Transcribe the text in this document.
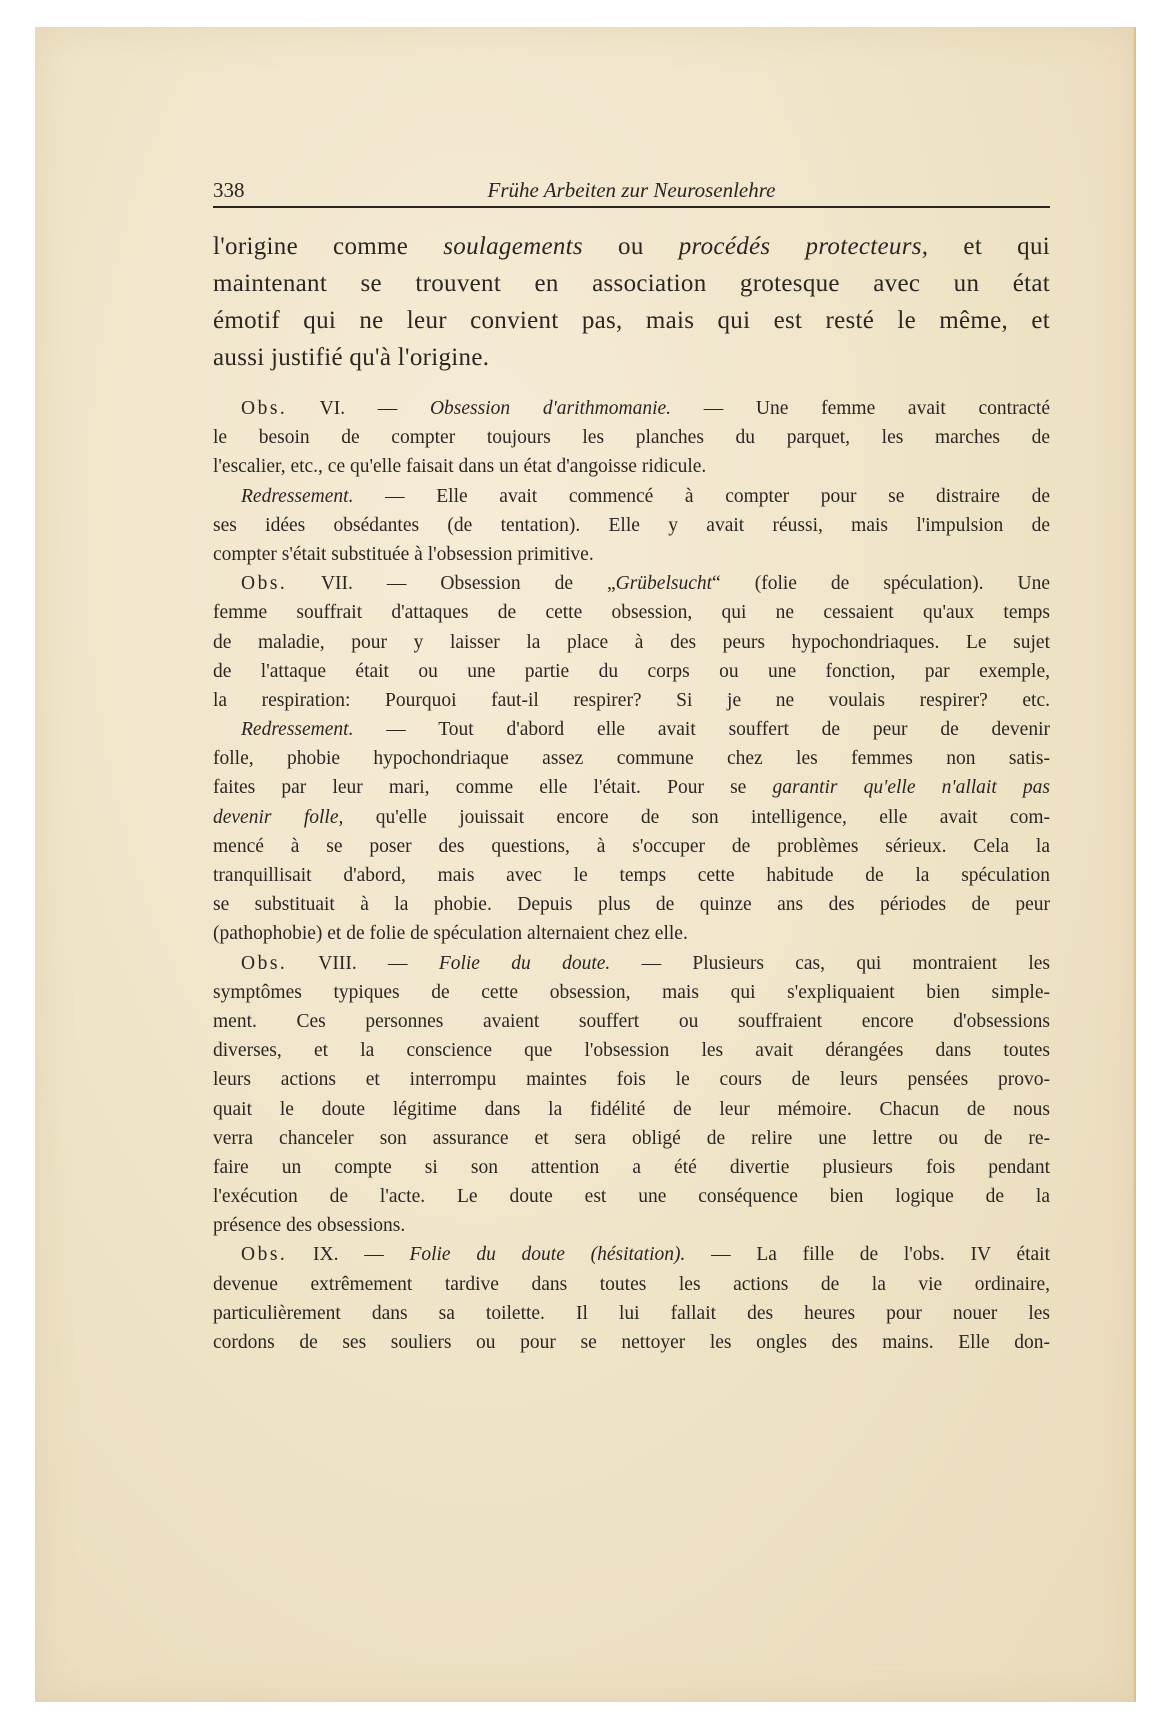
338	Frühe Arbeiten zur Neurosenlehre
l'origine comme soulagements ou procédés protecteurs, et qui
maintenant se trouvent en association grotesque avec un état
émotif qui ne leur convient pas, mais qui est resté le même, et
aussi justifié qu'à l'origine.
Obs. VI. — Obsession d'arithmomanie. — Une femme avait contracté
le besoin de compter toujours les planches du parquet, les marches de
l'escalier, etc., ce qu'elle faisait dans un état d'angoisse ridicule.
Redressement. — Elle avait commencé à compter pour se distraire de
ses idées obsédantes (de tentation). Elle y avait réussi, mais l'impulsion de
compter s'était substituée à l'obsession primitive.
Obs. VII. — Obsession de „Grübelsucht“ (folie de spéculation). Une
femme souffrait d'attaques de cette obsession, qui ne cessaient qu'aux temps
de maladie, pour y laisser la place à des peurs hypochondriaques. Le sujet
de l'attaque était ou une partie du corps ou une fonction, par exemple,
la respiration: Pourquoi faut-il respirer? Si je ne voulais respirer? etc.
Redressement. — Tout d'abord elle avait souffert de peur de devenir
folle, phobie hypochondriaque assez commune chez les femmes non satis-
faites par leur mari, comme elle l'était. Pour se garantir qu'elle n'allait pas
devenir folle, qu'elle jouissait encore de son intelligence, elle avait com-
mencé à se poser des questions, à s'occuper de problèmes sérieux. Cela la
tranquillisait d'abord, mais avec le temps cette habitude de la spéculation
se substituait à la phobie. Depuis plus de quinze ans des périodes de peur
(pathophobie) et de folie de spéculation alternaient chez elle.
Obs. VIII. — Folie du doute. — Plusieurs cas, qui montraient les
symptômes typiques de cette obsession, mais qui s'expliquaient bien simple-
ment. Ces personnes avaient souffert ou souffraient encore d'obsessions
diverses, et la conscience que l'obsession les avait dérangées dans toutes
leurs actions et interrompu maintes fois le cours de leurs pensées provo-
quait le doute légitime dans la fidélité de leur mémoire. Chacun de nous
verra chanceler son assurance et sera obligé de relire une lettre ou de re-
faire un compte si son attention a été divertie plusieurs fois pendant
l'exécution de l'acte. Le doute est une conséquence bien logique de la
présence des obsessions.
Obs. IX. — Folie du doute (hésitation). — La fille de l'obs. IV était
devenue extrêmement tardive dans toutes les actions de la vie ordinaire,
particulièrement dans sa toilette. Il lui fallait des heures pour nouer les
cordons de ses souliers ou pour se nettoyer les ongles des mains. Elle don-
